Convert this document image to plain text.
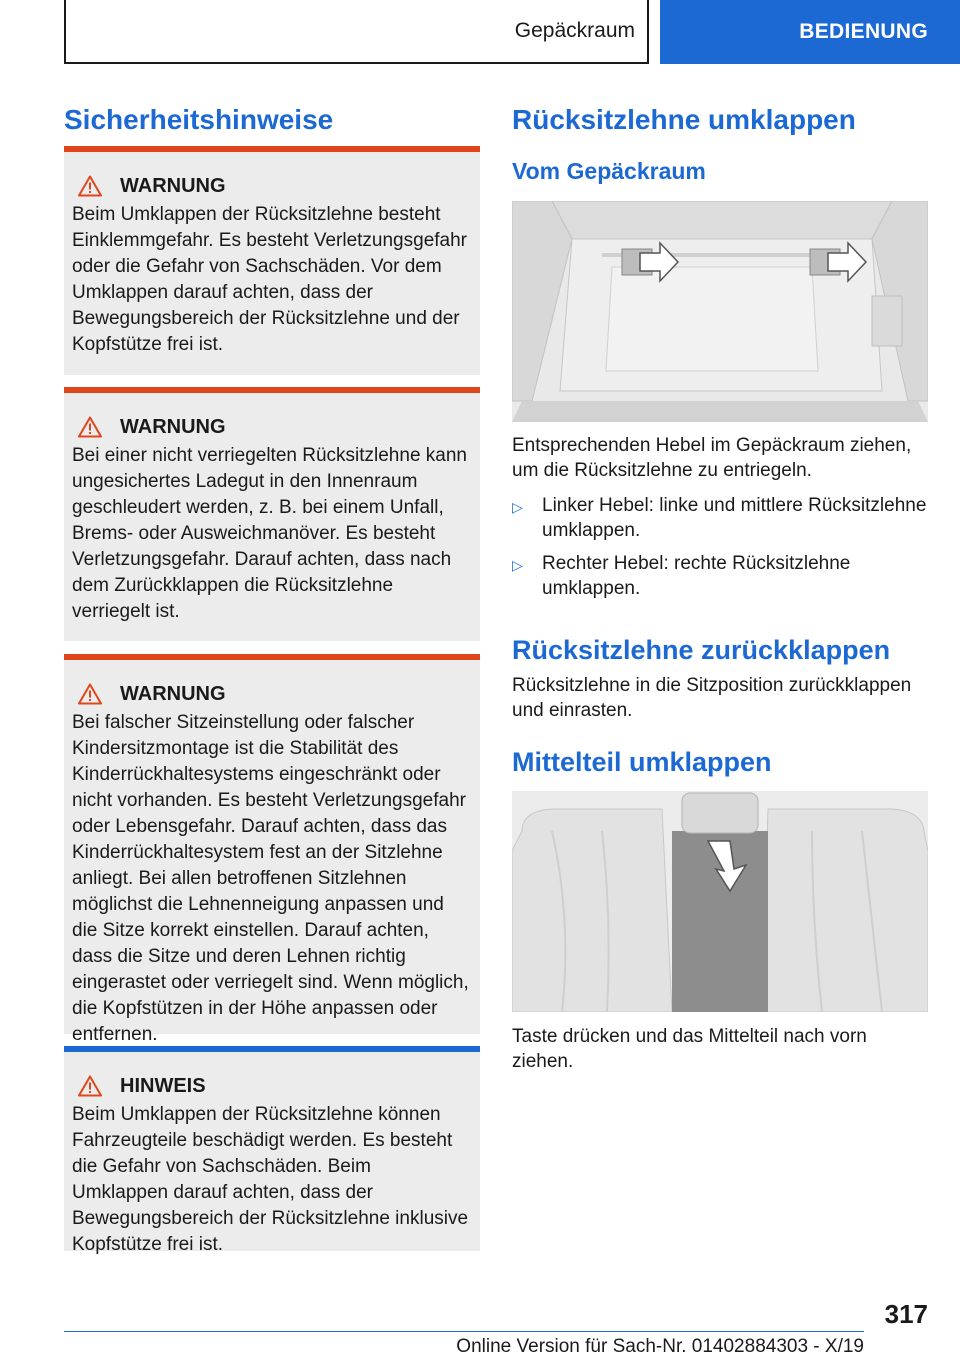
Gepäckraum	BEDIENUNG
Sicherheitshinweise
WARNUNG
Beim Umklappen der Rücksitzlehne besteht Einklemmgefahr. Es besteht Verletzungsgefahr oder die Gefahr von Sachschäden. Vor dem Umklappen darauf achten, dass der Bewegungsbereich der Rücksitzlehne und der Kopfstütze frei ist.
WARNUNG
Bei einer nicht verriegelten Rücksitzlehne kann ungesichertes Ladegut in den Innenraum geschleudert werden, z. B. bei einem Unfall, Brems- oder Ausweichmanöver. Es besteht Verletzungsgefahr. Darauf achten, dass nach dem Zurückklappen die Rücksitzlehne verriegelt ist.
WARNUNG
Bei falscher Sitzeinstellung oder falscher Kindersitzmontage ist die Stabilität des Kinderrückhaltesystems eingeschränkt oder nicht vorhanden. Es besteht Verletzungsgefahr oder Lebensgefahr. Darauf achten, dass das Kinderrückhaltesystem fest an der Sitzlehne anliegt. Bei allen betroffenen Sitzlehnen möglichst die Lehnenneigung anpassen und die Sitze korrekt einstellen. Darauf achten, dass die Sitze und deren Lehnen richtig eingerastet oder verriegelt sind. Wenn möglich, die Kopfstützen in der Höhe anpassen oder entfernen.
HINWEIS
Beim Umklappen der Rücksitzlehne können Fahrzeugteile beschädigt werden. Es besteht die Gefahr von Sachschäden. Beim Umklappen darauf achten, dass der Bewegungsbereich der Rücksitzlehne inklusive Kopfstütze frei ist.
Rücksitzlehne umklappen
Vom Gepäckraum
Entsprechenden Hebel im Gepäckraum ziehen, um die Rücksitzlehne zu entriegeln.
▷	Linker Hebel: linke und mittlere Rücksitzlehne umklappen.
▷	Rechter Hebel: rechte Rücksitzlehne umklappen.
Rücksitzlehne zurückklappen
Rücksitzlehne in die Sitzposition zurückklappen und einrasten.
Mittelteil umklappen
Taste drücken und das Mittelteil nach vorn ziehen.
317
Online Version für Sach-Nr. 01402884303 - X/19
